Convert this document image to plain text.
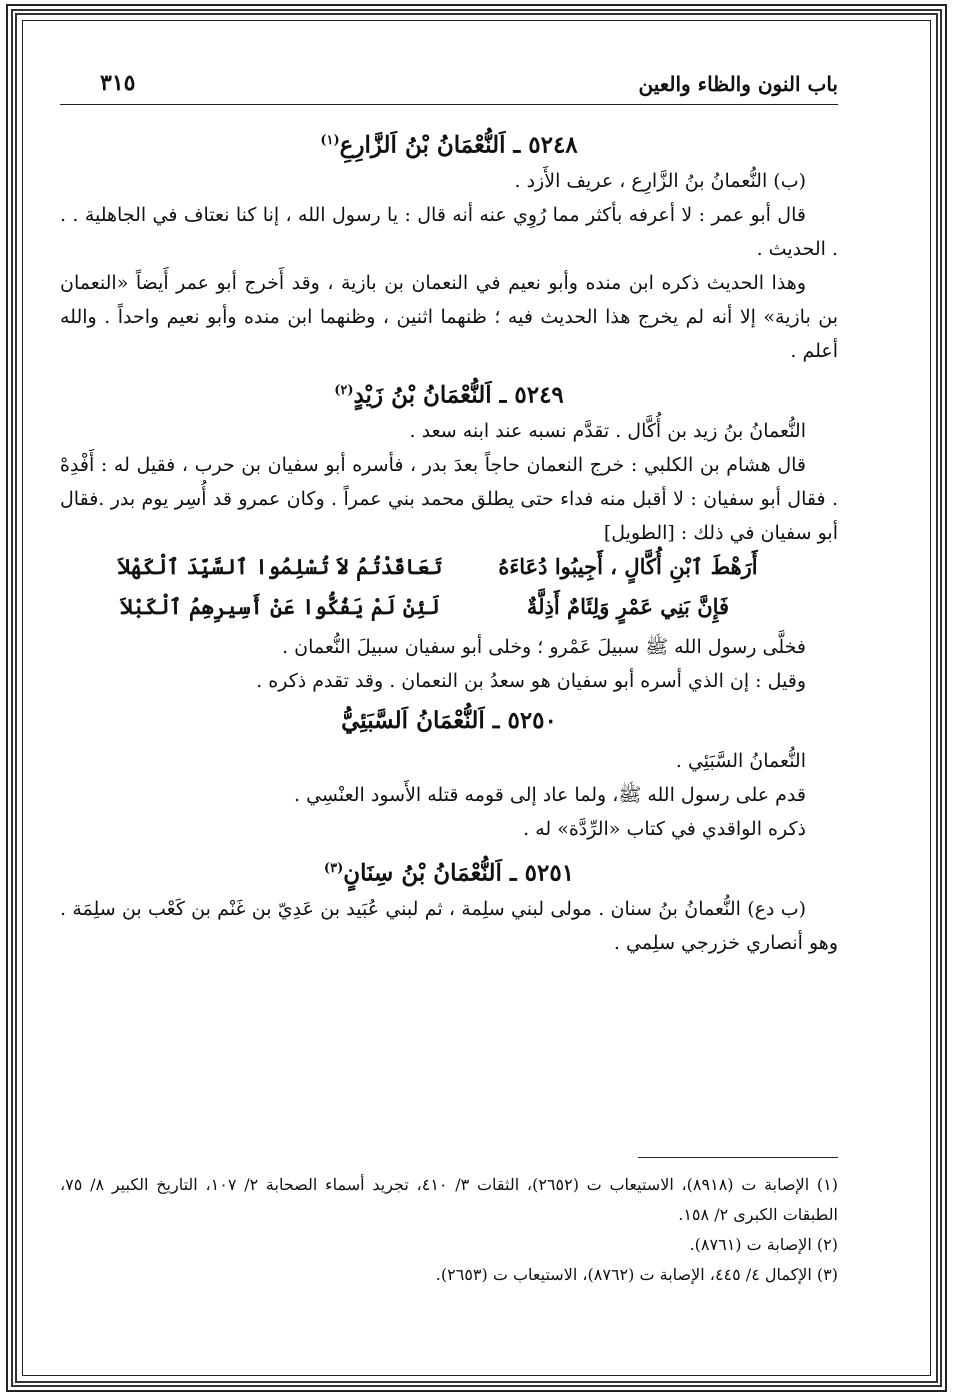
باب النون والظاء والعين
٣١٥
٥٢٤٨ ـ اَلنُّعْمَانُ بْنُ اَلزَّارِعِ$^{(١)}$

(ب) النُّعمانُ بنُ الزَّارِع ، عريف الأَزد .

قال أبو عمر : لا أعرفه بأكثر مما رُوِي عنه أنه قال : يا رسول الله ، إنا كنا نعتاف في الجاهلية . . . الحديث .

وهذا الحديث ذكره ابن منده وأبو نعيم في النعمان بن بازية ، وقد أَخرج أبو عمر أَيضاً «النعمان بن بازية» إلا أنه لم يخرج هذا الحديث فيه ؛ ظنهما اثنين ، وظنهما ابن منده وأبو نعيم واحداً . والله أعلم .

٥٢٤٩ ـ اَلنُّعْمَانُ بْنُ زَيْدٍ$^{(٢)}$

النُّعمانُ بنُ زيد بن أُكَّال . تقدَّم نسبه عند ابنه سعد .

قال هشام بن الكلبي : خرج النعمان حاجاً بعدَ بدر ، فأسره أبو سفيان بن حرب ، فقيل له : أَفْدِهْ . فقال أبو سفيان : لا أقبل منه فداء حتى يطلق محمد بني عمراً . وكان عمرو قد أُسِر يوم بدر .فقال أبو سفيان في ذلك : [الطويل]

أَرَهْطَ ٱبْنِ أُكَّالٍ ، أَجِيبُوا دُعَاءَهُ
تَعَاقَدْتُمُ لاَ تُسْلِمُوا ٱلسَّيِّدَ ٱلْكَهْلاَ
فَإِنَّ بَنِي عَمْرٍ وَلِئَامٌ أَذِلَّةٌ
لَئِنْ لَمْ يَفُكُّوا عَنْ أَسِيرِهِمُ ٱلْكَبْلاَ

فخلَّى رسول الله ﷺ سبيلَ عَمْرو ؛ وخلى أبو سفيان سبيلَ النُّعمان .

وقيل : إن الذي أسره أبو سفيان هو سعدُ بن النعمان . وقد تقدم ذكره .

٥٢٥٠ ـ اَلنُّعْمَانُ اَلسَّبَئِيُّ

النُّعمانُ السَّبَئِي .

قدم على رسول الله ﷺ، ولما عاد إلى قومه قتله الأَسود العنْسِي .

ذكره الواقدي في كتاب «الرِّدَّة» له .

٥٢٥١ ـ اَلنُّعْمَانُ بْنُ سِنَانٍ$^{(٣)}$

(ب دع) النُّعمانُ بنُ سنان . مولى لبني سلِمة ، ثم لبني عُبَيد بن عَدِيّ بن غَنْم بن كَعْب بن سلِمَة . وهو أنصاري خزرجي سلِمي .

(١) الإصابة ت (٨٩١٨)، الاستيعاب ت (٢٦٥٢)، الثقات ٣/ ٤١٠، تجريد أسماء الصحابة ٢/ ١٠٧، التاريخ الكبير ٨/ ٧٥، الطبقات الكبرى ٢/ ١٥٨.

(٢) الإصابة ت (٨٧٦١).

(٣) الإكمال ٤/ ٤٤٥، الإصابة ت (٨٧٦٢)، الاستيعاب ت (٢٦٥٣).
